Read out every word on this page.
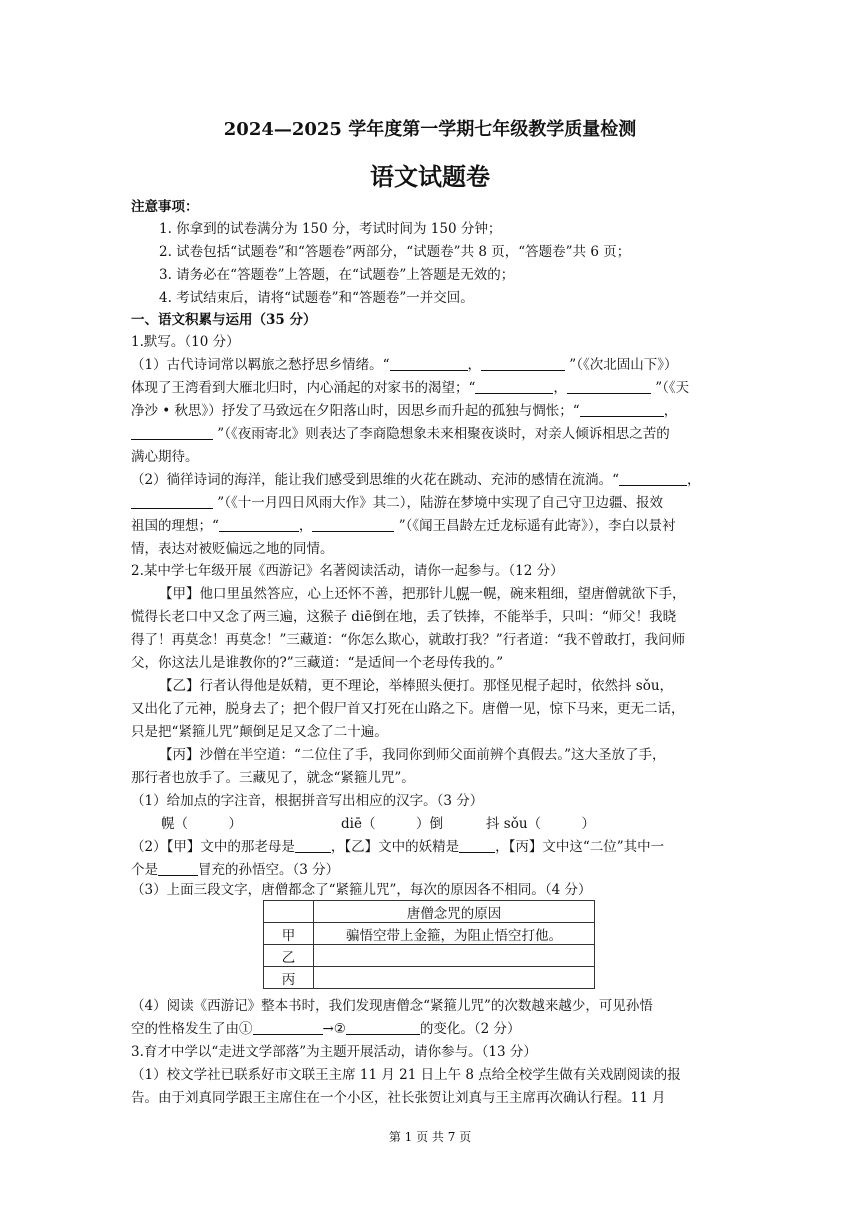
2024—2025 学年度第一学期七年级教学质量检测
语文试题卷
注意事项：
1. 你拿到的试卷满分为 150 分，考试时间为 150 分钟；
2. 试卷包括“试题卷”和“答题卷”两部分，“试题卷”共 8 页，“答题卷”共 6 页；
3. 请务必在“答题卷”上答题，在“试题卷”上答题是无效的；
4. 考试结束后，请将“试题卷”和“答题卷”一并交回。
一、语文积累与运用（35 分）
1.默写。（10 分）
（1）古代诗词常以羁旅之愁抒思乡情绪。“	，	”（《次北固山下》）
体现了王湾看到大雁北归时，内心涌起的对家书的渴望；“	，	”（《天
净沙 • 秋思》）抒发了马致远在夕阳落山时，因思乡而升起的孤独与惆怅；“	，
”（《夜雨寄北》则表达了李商隐想象未来相聚夜谈时，对亲人倾诉相思之苦的
满心期待。
（2）徜徉诗词的海洋，能让我们感受到思维的火花在跳动、充沛的感情在流淌。“	，
”（《十一月四日风雨大作》其二），陆游在梦境中实现了自己守卫边疆、报效
祖国的理想；“	，	”（《闻王昌龄左迁龙标遥有此寄》），李白以景衬
情，表达对被贬偏远之地的同情。
2.某中学七年级开展《西游记》名著阅读活动，请你一起参与。（12 分）
【甲】他口里虽然答应，心上还怀不善，把那针儿幌一幌，碗来粗细，望唐僧就欲下手，
慌得长老口中又念了两三遍，这猴子 diē倒在地，丢了铁捧，不能举手，只叫：“师父！我晓
得了！再莫念！再莫念！”三藏道：“你怎么欺心，就敢打我？”行者道：“我不曾敢打，我问师
父，你这法儿是谁教你的?”三藏道：“是适间一个老母传我的。”
【乙】行者认得他是妖精，更不理论，举棒照头便打。那怪见棍子起时，依然抖 sǒu，
又出化了元神，脱身去了；把个假尸首又打死在山路之下。唐僧一见，惊下马来，更无二话，
只是把“紧箍儿咒”颠倒足足又念了二十遍。
【丙】沙僧在半空道：“二位住了手，我同你到师父面前辨个真假去。”这大圣放了手，
那行者也放手了。三藏见了，就念“紧箍儿咒”。
（1）给加点的字注音，根据拼音写出相应的汉字。（3 分）
幌（　　　）	diē（　　　）倒	抖 sǒu（　　　）
（2）【甲】文中的那老母是	，【乙】文中的妖精是	，【丙】文中这“二位”其中一
个是	冒充的孙悟空。（3 分）
（3）上面三段文字，唐僧都念了“紧箍儿咒”，每次的原因各不相同。（4 分）
	唐僧念咒的原因
甲	骗悟空带上金箍，为阻止悟空打他。
乙	
丙	
（4）阅读《西游记》整本书时，我们发现唐僧念“紧箍儿咒”的次数越来越少，可见孙悟
空的性格发生了由①	→②	的变化。（2 分）
3.育才中学以“走进文学部落”为主题开展活动，请你参与。（13 分）
（1）校文学社已联系好市文联王主席 11 月 21 日上午 8 点给全校学生做有关戏剧阅读的报
告。由于刘真同学跟王主席住在一个小区，社长张贺让刘真与王主席再次确认行程。11 月
第 1 页 共 7 页
